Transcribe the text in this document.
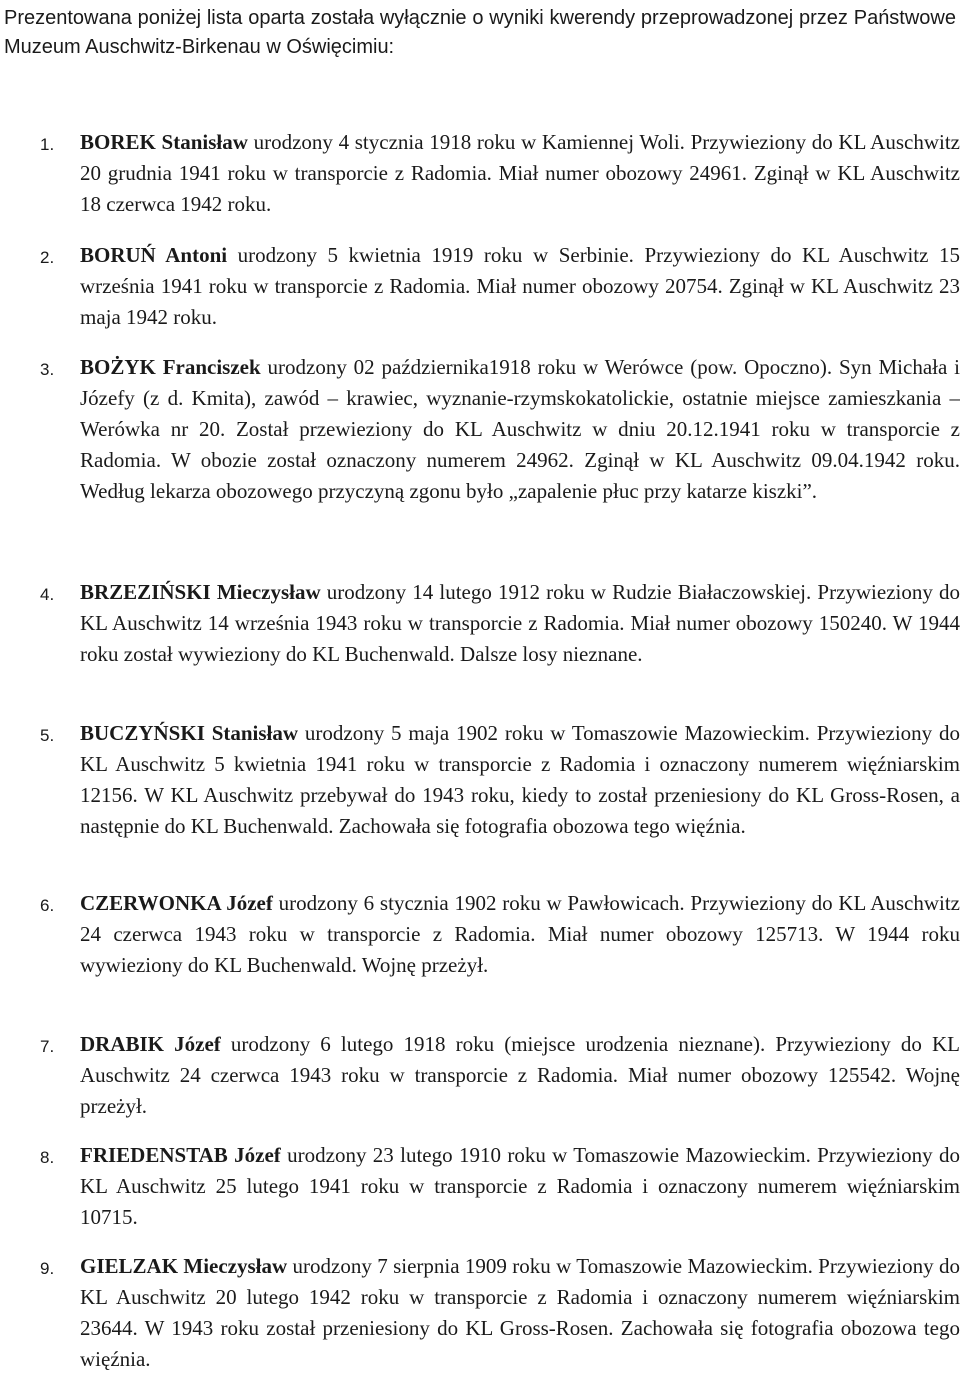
Prezentowana poniżej lista oparta została wyłącznie o wyniki kwerendy przeprowadzonej przez Państwowe Muzeum Auschwitz-Birkenau w Oświęcimiu:

1. BOREK Stanisław urodzony 4 stycznia 1918 roku w Kamiennej Woli. Przywieziony do KL Auschwitz 20 grudnia 1941 roku w transporcie z Radomia. Miał numer obozowy 24961. Zginął w KL Auschwitz 18 czerwca 1942 roku.

2. BORUŃ Antoni urodzony 5 kwietnia 1919 roku w Serbinie. Przywieziony do KL Auschwitz 15 września 1941 roku w transporcie z Radomia. Miał numer obozowy 20754. Zginął w KL Auschwitz 23 maja 1942 roku.

3. BOŻYK Franciszek urodzony 02 października1918 roku w Werówce (pow. Opoczno). Syn Michała i Józefy (z d. Kmita), zawód – krawiec, wyznanie-rzymskokatolickie, ostatnie miejsce zamieszkania – Werówka nr 20. Został przewieziony do KL Auschwitz w dniu 20.12.1941 roku w transporcie z Radomia. W obozie został oznaczony numerem 24962. Zginął w KL Auschwitz 09.04.1942 roku. Według lekarza obozowego przyczyną zgonu było „zapalenie płuc przy katarze kiszki”.

4. BRZEZIŃSKI Mieczysław urodzony 14 lutego 1912 roku w Rudzie Białaczowskiej. Przywieziony do KL Auschwitz 14 września 1943 roku w transporcie z Radomia. Miał numer obozowy 150240. W 1944 roku został wywieziony do KL Buchenwald. Dalsze losy nieznane.

5. BUCZYŃSKI Stanisław urodzony 5 maja 1902 roku w Tomaszowie Mazowieckim. Przywieziony do KL Auschwitz 5 kwietnia 1941 roku w transporcie z Radomia i oznaczony numerem więźniarskim 12156. W KL Auschwitz przebywał do 1943 roku, kiedy to został przeniesiony do KL Gross-Rosen, a następnie do KL Buchenwald. Zachowała się fotografia obozowa tego więźnia.

6. CZERWONKA Józef urodzony 6 stycznia 1902 roku w Pawłowicach. Przywieziony do KL Auschwitz 24 czerwca 1943 roku w transporcie z Radomia. Miał numer obozowy 125713. W 1944 roku wywieziony do KL Buchenwald. Wojnę przeżył.

7. DRABIK Józef urodzony 6 lutego 1918 roku (miejsce urodzenia nieznane). Przywieziony do KL Auschwitz 24 czerwca 1943 roku w transporcie z Radomia. Miał numer obozowy 125542. Wojnę przeżył.

8. FRIEDENSTAB Józef urodzony 23 lutego 1910 roku w Tomaszowie Mazowieckim. Przywieziony do KL Auschwitz 25 lutego 1941 roku w transporcie z Radomia i oznaczony numerem więźniarskim 10715.

9. GIELZAK Mieczysław urodzony 7 sierpnia 1909 roku w Tomaszowie Mazowieckim. Przywieziony do KL Auschwitz 20 lutego 1942 roku w transporcie z Radomia i oznaczony numerem więźniarskim 23644. W 1943 roku został przeniesiony do KL Gross-Rosen. Zachowała się fotografia obozowa tego więźnia.
